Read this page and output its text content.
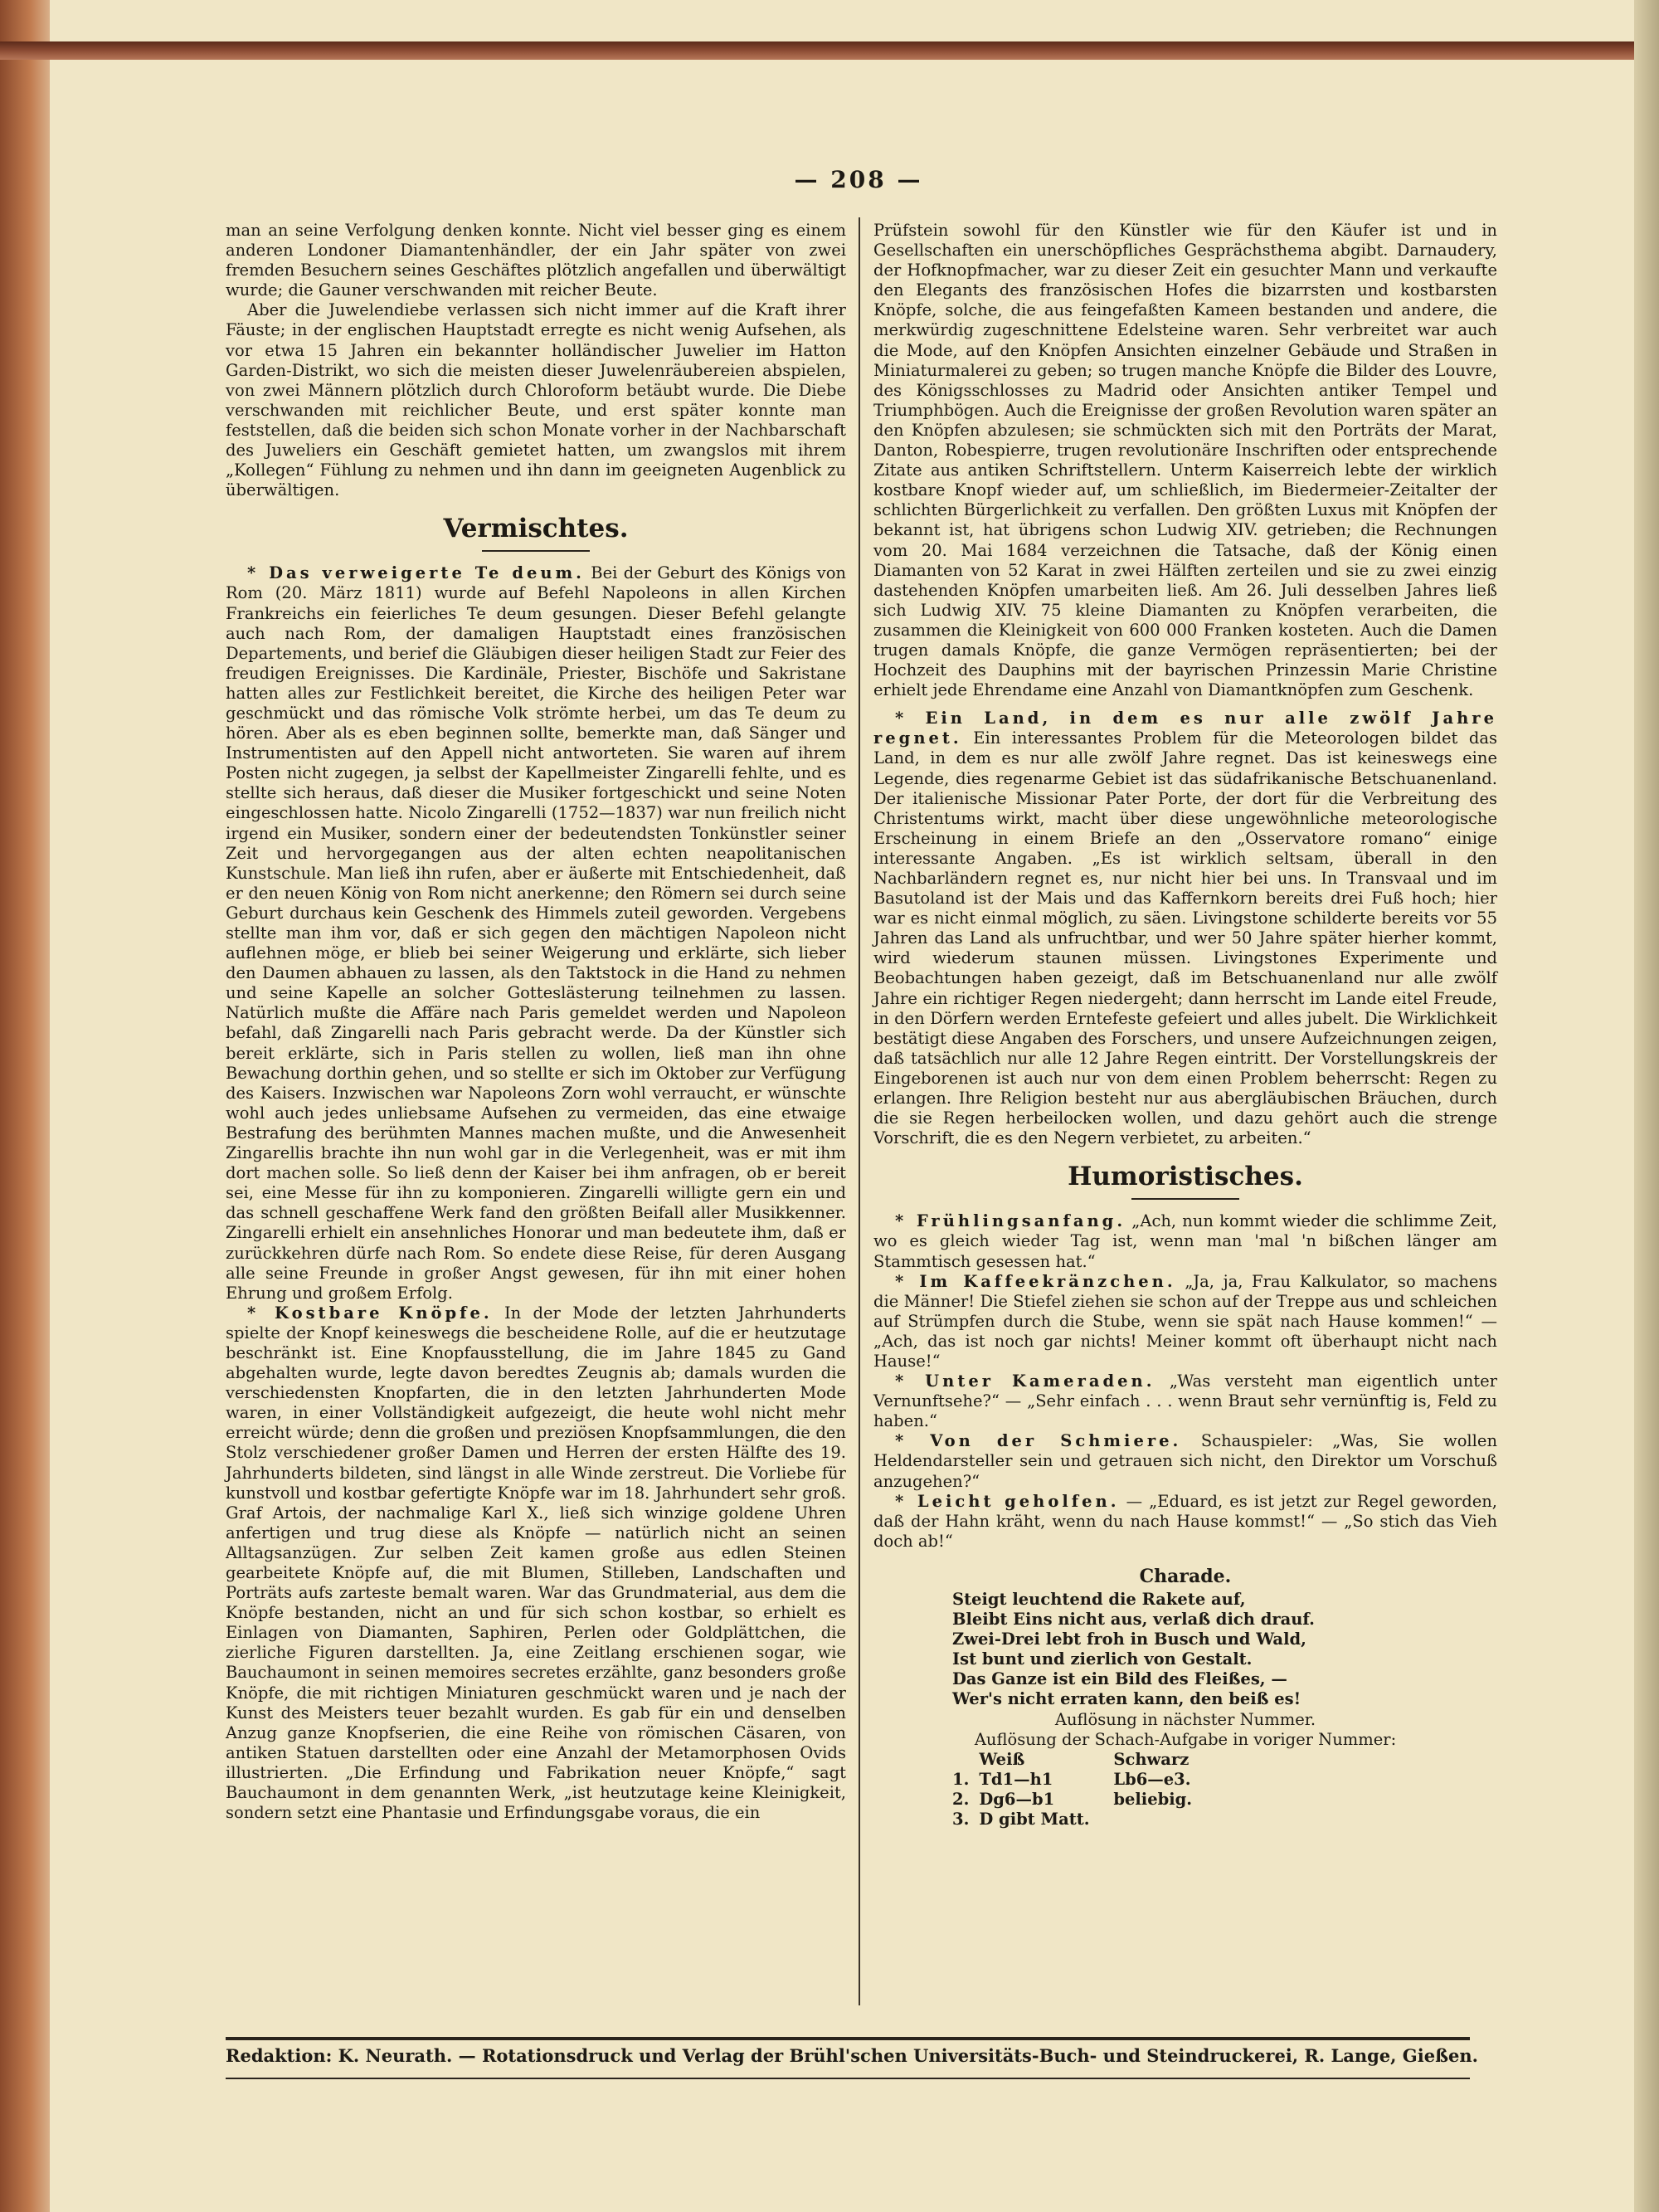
— 208 —

man an seine Verfolgung denken konnte. Nicht viel besser ging es einem anderen Londoner Diamantenhändler, der ein Jahr später von zwei fremden Besuchern seines Geschäftes plötzlich angefallen und überwältigt wurde; die Gauner verschwanden mit reicher Beute.

Aber die Juwelendiebe verlassen sich nicht immer auf die Kraft ihrer Fäuste; in der englischen Hauptstadt erregte es nicht wenig Aufsehen, als vor etwa 15 Jahren ein bekannter holländischer Juwelier im Hatton Garden-Distrikt, wo sich die meisten dieser Juwelenräubereien abspielen, von zwei Männern plötzlich durch Chloroform betäubt wurde. Die Diebe verschwanden mit reichlicher Beute, und erst später konnte man feststellen, daß die beiden sich schon Monate vorher in der Nachbarschaft des Juweliers ein Geschäft gemietet hatten, um zwangslos mit ihrem „Kollegen“ Fühlung zu nehmen und ihn dann im geeigneten Augenblick zu überwältigen.

Vermischtes.

* Das verweigerte Te deum. Bei der Geburt des Königs von Rom (20. März 1811) wurde auf Befehl Napoleons in allen Kirchen Frankreichs ein feierliches Te deum gesungen. Dieser Befehl gelangte auch nach Rom, der damaligen Hauptstadt eines französischen Departements, und berief die Gläubigen dieser heiligen Stadt zur Feier des freudigen Ereignisses. Die Kardinäle, Priester, Bischöfe und Sakristane hatten alles zur Festlichkeit bereitet, die Kirche des heiligen Peter war geschmückt und das römische Volk strömte herbei, um das Te deum zu hören. Aber als es eben beginnen sollte, bemerkte man, daß Sänger und Instrumentisten auf den Appell nicht antworteten. Sie waren auf ihrem Posten nicht zugegen, ja selbst der Kapellmeister Zingarelli fehlte, und es stellte sich heraus, daß dieser die Musiker fortgeschickt und seine Noten eingeschlossen hatte. Nicolo Zingarelli (1752—1837) war nun freilich nicht irgend ein Musiker, sondern einer der bedeutendsten Tonkünstler seiner Zeit und hervorgegangen aus der alten echten neapolitanischen Kunstschule. Man ließ ihn rufen, aber er äußerte mit Entschiedenheit, daß er den neuen König von Rom nicht anerkenne; den Römern sei durch seine Geburt durchaus kein Geschenk des Himmels zuteil geworden. Vergebens stellte man ihm vor, daß er sich gegen den mächtigen Napoleon nicht auflehnen möge, er blieb bei seiner Weigerung und erklärte, sich lieber den Daumen abhauen zu lassen, als den Taktstock in die Hand zu nehmen und seine Kapelle an solcher Gotteslästerung teilnehmen zu lassen. Natürlich mußte die Affäre nach Paris gemeldet werden und Napoleon befahl, daß Zingarelli nach Paris gebracht werde. Da der Künstler sich bereit erklärte, sich in Paris stellen zu wollen, ließ man ihn ohne Bewachung dorthin gehen, und so stellte er sich im Oktober zur Verfügung des Kaisers. Inzwischen war Napoleons Zorn wohl verraucht, er wünschte wohl auch jedes unliebsame Aufsehen zu vermeiden, das eine etwaige Bestrafung des berühmten Mannes machen mußte, und die Anwesenheit Zingarellis brachte ihn nun wohl gar in die Verlegenheit, was er mit ihm dort machen solle. So ließ denn der Kaiser bei ihm anfragen, ob er bereit sei, eine Messe für ihn zu komponieren. Zingarelli willigte gern ein und das schnell geschaffene Werk fand den größten Beifall aller Musikkenner. Zingarelli erhielt ein ansehnliches Honorar und man bedeutete ihm, daß er zurückkehren dürfe nach Rom. So endete diese Reise, für deren Ausgang alle seine Freunde in großer Angst gewesen, für ihn mit einer hohen Ehrung und großem Erfolg.

* Kostbare Knöpfe. In der Mode der letzten Jahrhunderts spielte der Knopf keineswegs die bescheidene Rolle, auf die er heutzutage beschränkt ist. Eine Knopfausstellung, die im Jahre 1845 zu Gand abgehalten wurde, legte davon beredtes Zeugnis ab; damals wurden die verschiedensten Knopfarten, die in den letzten Jahrhunderten Mode waren, in einer Vollständigkeit aufgezeigt, die heute wohl nicht mehr erreicht würde; denn die großen und preziösen Knopfsammlungen, die den Stolz verschiedener großer Damen und Herren der ersten Hälfte des 19. Jahrhunderts bildeten, sind längst in alle Winde zerstreut. Die Vorliebe für kunstvoll und kostbar gefertigte Knöpfe war im 18. Jahrhundert sehr groß. Graf Artois, der nachmalige Karl X., ließ sich winzige goldene Uhren anfertigen und trug diese als Knöpfe — natürlich nicht an seinen Alltagsanzügen. Zur selben Zeit kamen große aus edlen Steinen gearbeitete Knöpfe auf, die mit Blumen, Stilleben, Landschaften und Porträts aufs zarteste bemalt waren. War das Grundmaterial, aus dem die Knöpfe bestanden, nicht an und für sich schon kostbar, so erhielt es Einlagen von Diamanten, Saphiren, Perlen oder Goldplättchen, die zierliche Figuren darstellten. Ja, eine Zeitlang erschienen sogar, wie Bauchaumont in seinen memoires secretes erzählte, ganz besonders große Knöpfe, die mit richtigen Miniaturen geschmückt waren und je nach der Kunst des Meisters teuer bezahlt wurden. Es gab für ein und denselben Anzug ganze Knopfserien, die eine Reihe von römischen Cäsaren, von antiken Statuen darstellten oder eine Anzahl der Metamorphosen Ovids illustrierten. „Die Erfindung und Fabrikation neuer Knöpfe,“ sagt Bauchaumont in dem genannten Werk, „ist heutzutage keine Kleinigkeit, sondern setzt eine Phantasie und Erfindungsgabe voraus, die ein

Prüfstein sowohl für den Künstler wie für den Käufer ist und in Gesellschaften ein unerschöpfliches Gesprächsthema abgibt. Darnaudery, der Hofknopfmacher, war zu dieser Zeit ein gesuchter Mann und verkaufte den Elegants des französischen Hofes die bizarrsten und kostbarsten Knöpfe, solche, die aus feingefaßten Kameen bestanden und andere, die merkwürdig zugeschnittene Edelsteine waren. Sehr verbreitet war auch die Mode, auf den Knöpfen Ansichten einzelner Gebäude und Straßen in Miniaturmalerei zu geben; so trugen manche Knöpfe die Bilder des Louvre, des Königsschlosses zu Madrid oder Ansichten antiker Tempel und Triumphbögen. Auch die Ereignisse der großen Revolution waren später an den Knöpfen abzulesen; sie schmückten sich mit den Porträts der Marat, Danton, Robespierre, trugen revolutionäre Inschriften oder entsprechende Zitate aus antiken Schriftstellern. Unterm Kaiserreich lebte der wirklich kostbare Knopf wieder auf, um schließlich, im Biedermeier-Zeitalter der schlichten Bürgerlichkeit zu verfallen. Den größten Luxus mit Knöpfen der bekannt ist, hat übrigens schon Ludwig XIV. getrieben; die Rechnungen vom 20. Mai 1684 verzeichnen die Tatsache, daß der König einen Diamanten von 52 Karat in zwei Hälften zerteilen und sie zu zwei einzig dastehenden Knöpfen umarbeiten ließ. Am 26. Juli desselben Jahres ließ sich Ludwig XIV. 75 kleine Diamanten zu Knöpfen verarbeiten, die zusammen die Kleinigkeit von 600 000 Franken kosteten. Auch die Damen trugen damals Knöpfe, die ganze Vermögen repräsentierten; bei der Hochzeit des Dauphins mit der bayrischen Prinzessin Marie Christine erhielt jede Ehrendame eine Anzahl von Diamantknöpfen zum Geschenk.

* Ein Land, in dem es nur alle zwölf Jahre regnet. Ein interessantes Problem für die Meteorologen bildet das Land, in dem es nur alle zwölf Jahre regnet. Das ist keineswegs eine Legende, dies regenarme Gebiet ist das südafrikanische Betschuanenland. Der italienische Missionar Pater Porte, der dort für die Verbreitung des Christentums wirkt, macht über diese ungewöhnliche meteorologische Erscheinung in einem Briefe an den „Osservatore romano“ einige interessante Angaben. „Es ist wirklich seltsam, überall in den Nachbarländern regnet es, nur nicht hier bei uns. In Transvaal und im Basutoland ist der Mais und das Kaffernkorn bereits drei Fuß hoch; hier war es nicht einmal möglich, zu säen. Livingstone schilderte bereits vor 55 Jahren das Land als unfruchtbar, und wer 50 Jahre später hierher kommt, wird wiederum staunen müssen. Livingstones Experimente und Beobachtungen haben gezeigt, daß im Betschuanenland nur alle zwölf Jahre ein richtiger Regen niedergeht; dann herrscht im Lande eitel Freude, in den Dörfern werden Erntefeste gefeiert und alles jubelt. Die Wirklichkeit bestätigt diese Angaben des Forschers, und unsere Aufzeichnungen zeigen, daß tatsächlich nur alle 12 Jahre Regen eintritt. Der Vorstellungskreis der Eingeborenen ist auch nur von dem einen Problem beherrscht: Regen zu erlangen. Ihre Religion besteht nur aus abergläubischen Bräuchen, durch die sie Regen herbeilocken wollen, und dazu gehört auch die strenge Vorschrift, die es den Negern verbietet, zu arbeiten.“

Humoristisches.

* Frühlingsanfang. „Ach, nun kommt wieder die schlimme Zeit, wo es gleich wieder Tag ist, wenn man 'mal 'n bißchen länger am Stammtisch gesessen hat.“

* Im Kaffeekränzchen. „Ja, ja, Frau Kalkulator, so machens die Männer! Die Stiefel ziehen sie schon auf der Treppe aus und schleichen auf Strümpfen durch die Stube, wenn sie spät nach Hause kommen!“ — „Ach, das ist noch gar nichts! Meiner kommt oft überhaupt nicht nach Hause!“

* Unter Kameraden. „Was versteht man eigentlich unter Vernunftsehe?“ — „Sehr einfach . . . wenn Braut sehr vernünftig is, Feld zu haben.“

* Von der Schmiere. Schauspieler: „Was, Sie wollen Heldendarsteller sein und getrauen sich nicht, den Direktor um Vorschuß anzugehen?“

* Leicht geholfen. — „Eduard, es ist jetzt zur Regel geworden, daß der Hahn kräht, wenn du nach Hause kommst!“ — „So stich das Vieh doch ab!“

Charade.

Steigt leuchtend die Rakete auf,

Bleibt Eins nicht aus, verlaß dich drauf.

Zwei-Drei lebt froh in Busch und Wald,

Ist bunt und zierlich von Gestalt.

Das Ganze ist ein Bild des Fleißes, —

Wer's nicht erraten kann, den beiß es!

Auflösung in nächster Nummer.

Auflösung der Schach-Aufgabe in voriger Nummer:

	Weiß	Schwarz
1.	Td1—h1	Lb6—e3.
2.	Dg6—b1	beliebig.
3.	D gibt Matt.	
Redaktion: K. Neurath. — Rotationsdruck und Verlag der Brühl'schen Universitäts-Buch- und Steindruckerei, R. Lange, Gießen.
